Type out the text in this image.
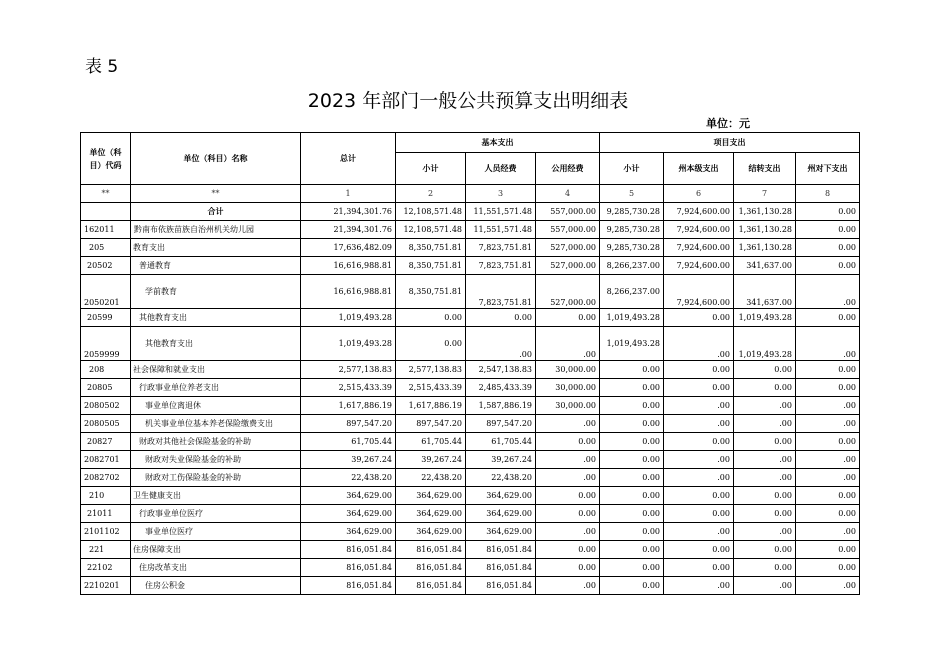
表 5
2023 年部门一般公共预算支出明细表
单位：元
单位（科目）代码	单位（科目）名称	总计	基本支出			项目支出			
			小计	人员经费	公用经费	小计	州本级支出	结转支出	州对下支出
**	**	1	2	3	4	5	6	7	8
	合计	21,394,301.76	12,108,571.48	11,551,571.48	557,000.00	9,285,730.28	7,924,600.00	1,361,130.28	0.00
162011	黔南布依族苗族自治州机关幼儿园	21,394,301.76	12,108,571.48	11,551,571.48	557,000.00	9,285,730.28	7,924,600.00	1,361,130.28	0.00
205	教育支出	17,636,482.09	8,350,751.81	7,823,751.81	527,000.00	9,285,730.28	7,924,600.00	1,361,130.28	0.00
20502	普通教育	16,616,988.81	8,350,751.81	7,823,751.81	527,000.00	8,266,237.00	7,924,600.00	341,637.00	0.00
2050201	学前教育	16,616,988.81	8,350,751.81	7,823,751.81	527,000.00	8,266,237.00	7,924,600.00	341,637.00	.00
20599	其他教育支出	1,019,493.28	0.00	0.00	0.00	1,019,493.28	0.00	1,019,493.28	0.00
2059999	其他教育支出	1,019,493.28	0.00	.00	.00	1,019,493.28	.00	1,019,493.28	.00
208	社会保障和就业支出	2,577,138.83	2,577,138.83	2,547,138.83	30,000.00	0.00	0.00	0.00	0.00
20805	行政事业单位养老支出	2,515,433.39	2,515,433.39	2,485,433.39	30,000.00	0.00	0.00	0.00	0.00
2080502	事业单位离退休	1,617,886.19	1,617,886.19	1,587,886.19	30,000.00	0.00	.00	.00	.00
2080505	机关事业单位基本养老保险缴费支出	897,547.20	897,547.20	897,547.20	.00	0.00	.00	.00	.00
20827	财政对其他社会保险基金的补助	61,705.44	61,705.44	61,705.44	0.00	0.00	0.00	0.00	0.00
2082701	财政对失业保险基金的补助	39,267.24	39,267.24	39,267.24	.00	0.00	.00	.00	.00
2082702	财政对工伤保险基金的补助	22,438.20	22,438.20	22,438.20	.00	0.00	.00	.00	.00
210	卫生健康支出	364,629.00	364,629.00	364,629.00	0.00	0.00	0.00	0.00	0.00
21011	行政事业单位医疗	364,629.00	364,629.00	364,629.00	0.00	0.00	0.00	0.00	0.00
2101102	事业单位医疗	364,629.00	364,629.00	364,629.00	.00	0.00	.00	.00	.00
221	住房保障支出	816,051.84	816,051.84	816,051.84	0.00	0.00	0.00	0.00	0.00
22102	住房改革支出	816,051.84	816,051.84	816,051.84	0.00	0.00	0.00	0.00	0.00
2210201	住房公积金	816,051.84	816,051.84	816,051.84	.00	0.00	.00	.00	.00
